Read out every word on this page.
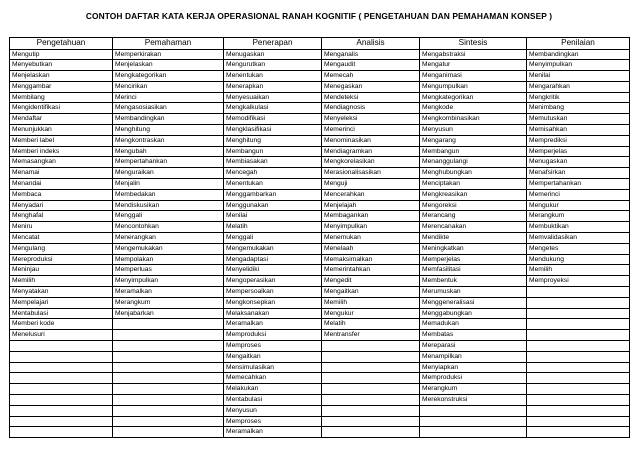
CONTOH DAFTAR KATA KERJA OPERASIONAL RANAH KOGNITIF ( PENGETAHUAN DAN PEMAHAMAN KONSEP )
Pengetahuan	Pemahaman	Penerapan	Analisis	Sintesis	Penilaian
Mengutip	Memperkirakan	Menugaskan	Menganalis	Mengabstraksi	Membandingkan
Menyebutkan	Menjelaskan	Mengurutkan	Mengaudit	Mengatur	Menyimpulkan
Menjelaskan	Mengkategorikan	Menentukan	Memecah	Menganimasi	Menilai
Menggambar	Mencirikan	Menerapkan	Menegaskan	Mengumpulkan	Mengarahkan
Membilang	Merinci	Menyesuaikan	Mendeteksi	Mengkategorikan	Mengkritik
Mengidentifikasi	Mengasosiasikan	Mengkalkulasi	Mendiagnosis	Mengkode	Menimbang
Mendaftar	Membandingkan	Memodifikasi	Menyeleksi	Mengkombinasikan	Memutuskan
Menunjukkan	Menghitung	Mengklasifikasi	Memerinci	Menyusun	Memisahkan
Memberi label	Mengkontraskan	Menghitung	Menominasikan	Mengarang	Memprediksi
Memberi indeks	Mengubah	Membangun	Mendiagramkan	Membangun	Memperjelas
Memasangkan	Mempertahankan	Membiasakan	Mengkorelasikan	Menanggulangi	Menugaskan
Menamai	Menguraikan	Mencegah	Merasionalisasikan	Menghubungkan	Menafsirkan
Menandai	Menjalin	Menentukan	Menguji	Menciptakan	Mempertahankan
Membaca	Membedakan	Menggambarkan	Mencerahkan	Mengkreasikan	Memerinci
Menyadari	Mendiskusikan	Menggunakan	Menjelajah	Mengoreksi	Mengukur
Menghafal	Menggali	Menilai	Membagankan	Merancang	Merangkum
Meniru	Mencontohkan	Melatih	Menyimpulkan	Merencanakan	Membuktikan
Mencatat	Menerangkan	Menggali	Menemukan	Mendikte	Memvalidasikan
Mengulang	Mengemukakan	Mengemukakan	Menelaah	Meningkatkan	Mengetes
Mereproduksi	Mempolakan	Mengadaptasi	Memaksimalkan	Memperjelas	Mendukung
Meninjau	Memperluas	Menyelidiki	Memerintahkan	Memfasilitasi	Memilih
Memilih	Menyimpulkan	Mengoperasikan	Mengedit	Membentuk	Memproyeksi
Menyatakan	Meramalkan	Mempersoalkan	Mengaitkan	Merumuskan	
Mempelajari	Merangkum	Mengkonsepkan	Memilih	Menggeneralisasi	
Mentabulasi	Menjabarkan	Melaksanakan	Mengukur	Menggabungkan	
Memberi kode		Meramalkan	Melatih	Memadukan	
Menelusuri		Memproduksi	Mentransfer	Membatas	
		Memproses		Mereparasi	
		Mengaitkan		Menampilkan	
		Mensimulasikan		Menyiapkan	
		Memecahkan		Memproduksi	
		Melakukan		Merangkum	
		Mentabulasi		Merekonstruksi	
		Menyusun			
		Memproses			
		Meramalkan			
